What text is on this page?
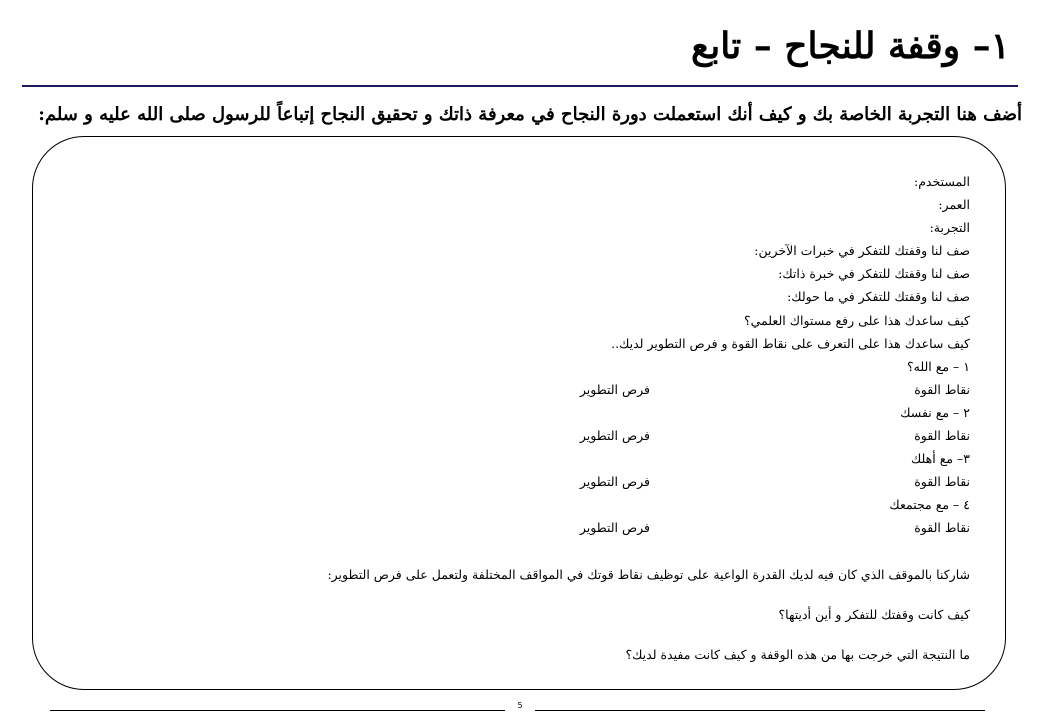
١– وقفة للنجاح – تابع
أضف هنا التجربة الخاصة بك و كيف أنك استعملت دورة النجاح في معرفة ذاتك و تحقيق النجاح إتباعاً للرسول صلى الله عليه و سلم:
المستخدم:
العمر:
التجربة:
صف لنا وقفتك للتفكر في خبرات الآخرين:
صف لنا وقفتك للتفكر في خبرة ذاتك:
صف لنا وقفتك للتفكر في ما حولك:
كيف ساعدك هذا على رفع مستواك العلمي؟
كيف ساعدك هذا على التعرف على نقاط القوة و فرص التطوير لديك..
١ – مع الله؟
نقاط القوة
فرص التطوير
٢ – مع نفسك
نقاط القوة
فرص التطوير
٣– مع أهلك
نقاط القوة
فرص التطوير
٤ – مع مجتمعك
نقاط القوة
فرص التطوير
شاركنا بالموقف الذي كان فيه لديك القدرة الواعية على توظيف نقاط قوتك في المواقف المختلفة ولتعمل على فرص التطوير:
كيف كانت وقفتك للتفكر و أين أديتها؟
ما النتيجة التي خرجت بها من هذه الوقفة و كيف كانت مفيدة لديك؟
5
